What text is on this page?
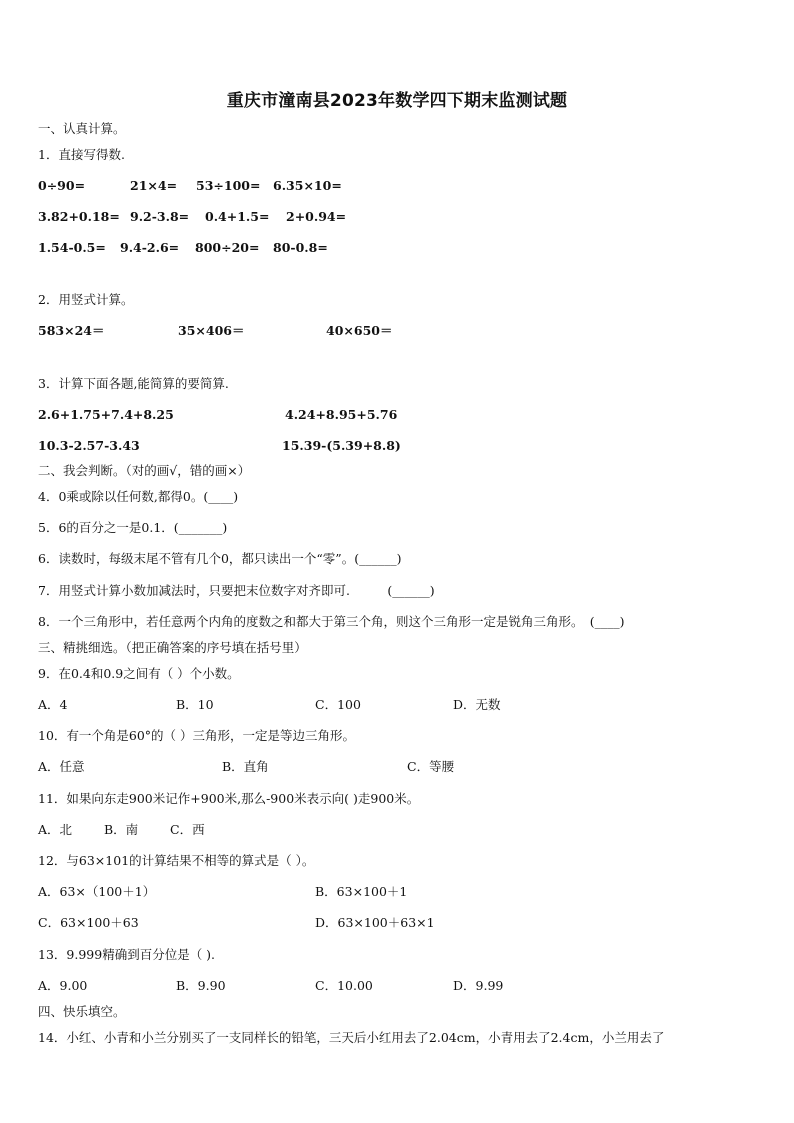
重庆市潼南县2023年数学四下期末监测试题
一、认真计算。
1．直接写得数.
0÷90=	21×4= 53÷100= 6.35×10=
3.82+0.18= 9.2-3.8= 0.4+1.5= 2+0.94=
1.54-0.5= 9.4-2.6= 800÷20= 80-0.8=
2．用竖式计算。
583×24＝	35×406＝	40×650＝
3．计算下面各题,能简算的要简算.
2.6+1.75+7.4+8.25	4.24+8.95+5.76
10.3-2.57-3.43	15.39-(5.39+8.8)
二、我会判断。（对的画√，错的画×）
4．0乘或除以任何数,都得0。(____)
5．6的百分之一是0.1．(_______)
6．读数时，每级末尾不管有几个0，都只读出一个“零”。(______)
7．用竖式计算小数加减法时，只要把末位数字对齐即可.　　　(______)
8．一个三角形中，若任意两个内角的度数之和都大于第三个角，则这个三角形一定是锐角三角形。　(____)
三、精挑细选。（把正确答案的序号填在括号里）
9．在0.4和0.9之间有（ ）个小数。
A．4	B．10	C．100	D．无数
10．有一个角是60°的（ ）三角形，一定是等边三角形。
A．任意	B．直角	C．等腰
11．如果向东走900米记作+900米,那么-900米表示向( )走900米。
A．北	B．南	C．西
12．与63×101的计算结果不相等的算式是（ ）。
A．63×（100＋1）	B．63×100＋1
C．63×100＋63	D．63×100＋63×1
13．9.999精确到百分位是（ ).
A．9.00	B．9.90	C．10.00	D．9.99
四、快乐填空。
14．小红、小青和小兰分别买了一支同样长的铅笔，三天后小红用去了2.04cm，小青用去了2.4cm，小兰用去了
